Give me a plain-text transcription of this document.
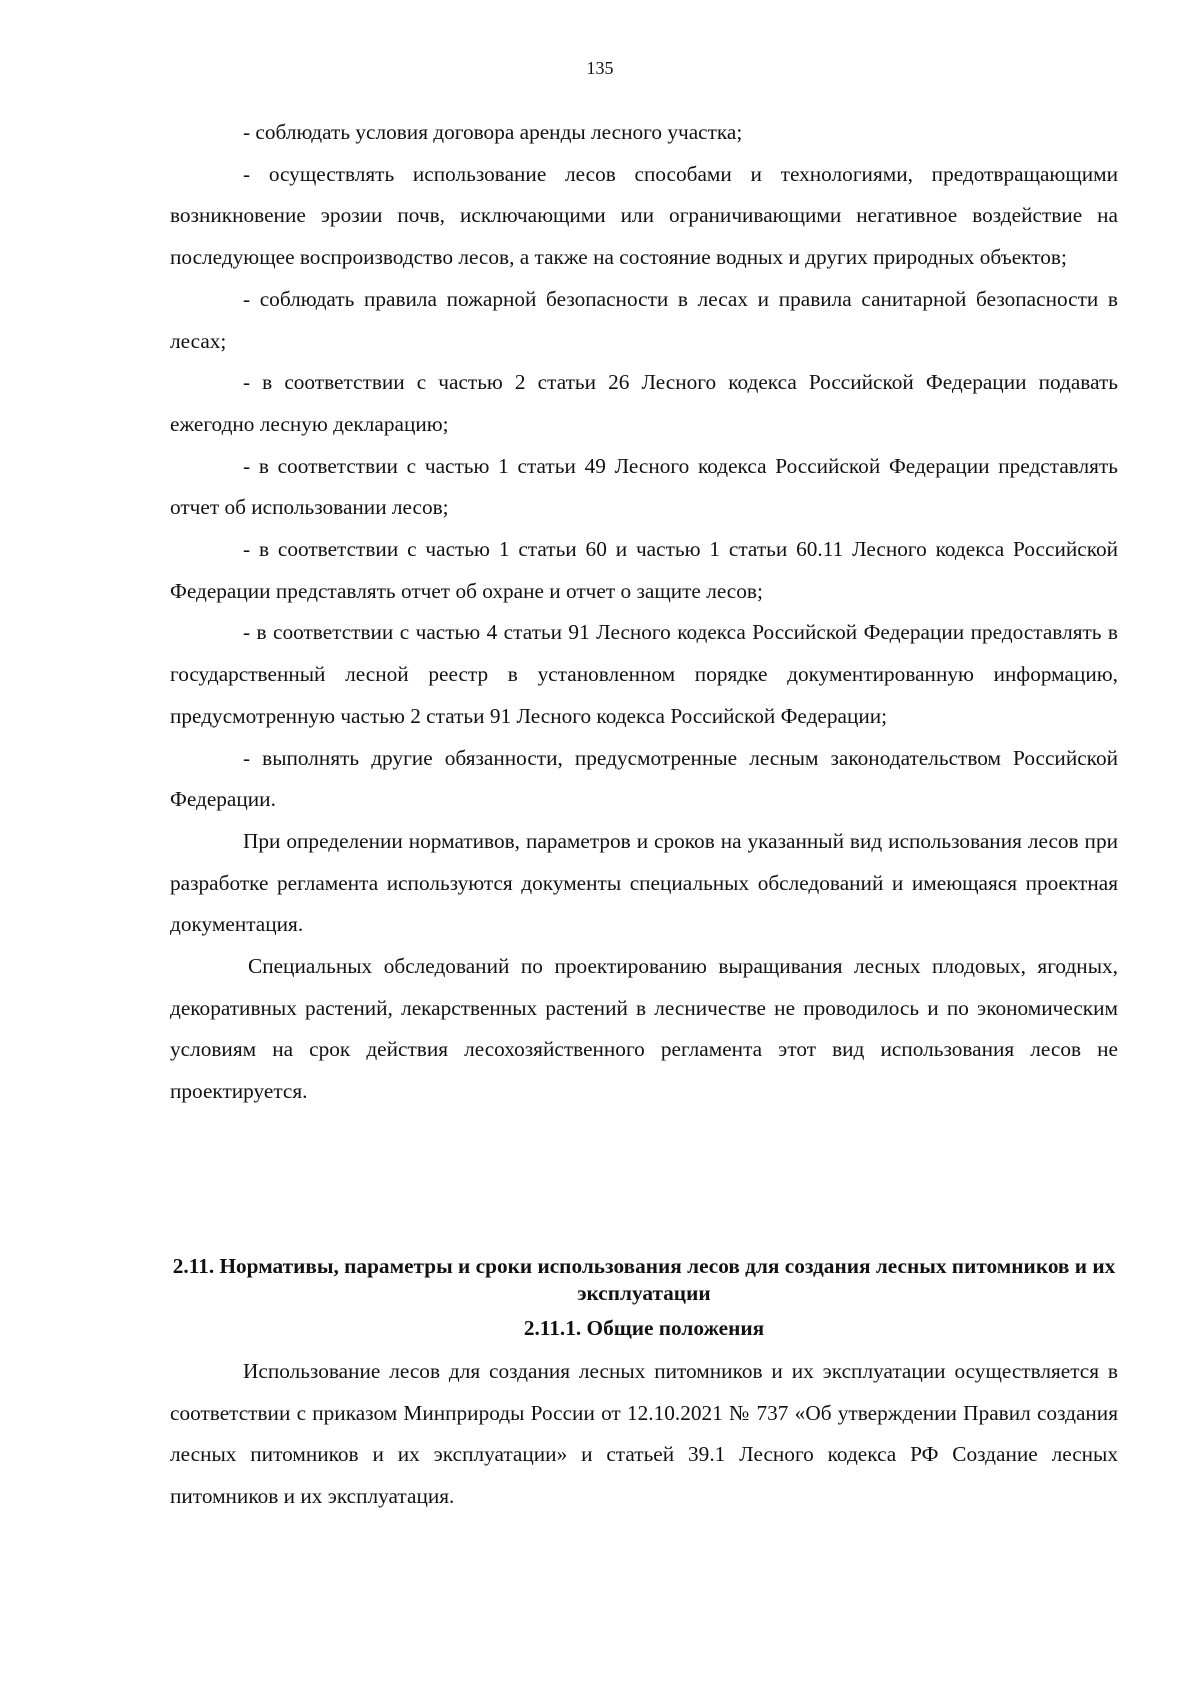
135

- соблюдать условия договора аренды лесного участка;

- осуществлять использование лесов способами и технологиями, предотвращающими возникновение эрозии почв, исключающими или ограничивающими негативное воздействие на последующее воспроизводство лесов, а также на состояние водных и других природных объектов;

- соблюдать правила пожарной безопасности в лесах и правила санитарной безопасности в лесах;

- в соответствии с частью 2 статьи 26 Лесного кодекса Российской Федерации подавать ежегодно лесную декларацию;

- в соответствии с частью 1 статьи 49 Лесного кодекса Российской Федерации представлять отчет об использовании лесов;

- в соответствии с частью 1 статьи 60 и частью 1 статьи 60.11 Лесного кодекса Российской Федерации представлять отчет об охране и отчет о защите лесов;

- в соответствии с частью 4 статьи 91 Лесного кодекса Российской Федерации предоставлять в государственный лесной реестр в установленном порядке документированную информацию, предусмотренную частью 2 статьи 91 Лесного кодекса Российской Федерации;

- выполнять другие обязанности, предусмотренные лесным законодательством Российской Федерации.

При определении нормативов, параметров и сроков на указанный вид использования лесов при разработке регламента используются документы специальных обследований и имеющаяся проектная документация.

Специальных обследований по проектированию выращивания лесных плодовых, ягодных, декоративных растений, лекарственных растений в лесничестве не проводилось и по экономическим условиям на срок действия лесохозяйственного регламента этот вид использования лесов не проектируется.

2.11. Нормативы, параметры и сроки использования лесов для создания лесных питомников и их эксплуатации

2.11.1. Общие положения

Использование лесов для создания лесных питомников и их эксплуатации осуществляется в соответствии с приказом Минприроды России от 12.10.2021 № 737 «Об утверждении Правил создания лесных питомников и их эксплуатации» и статьей 39.1 Лесного кодекса РФ Создание лесных питомников и их эксплуатация.
